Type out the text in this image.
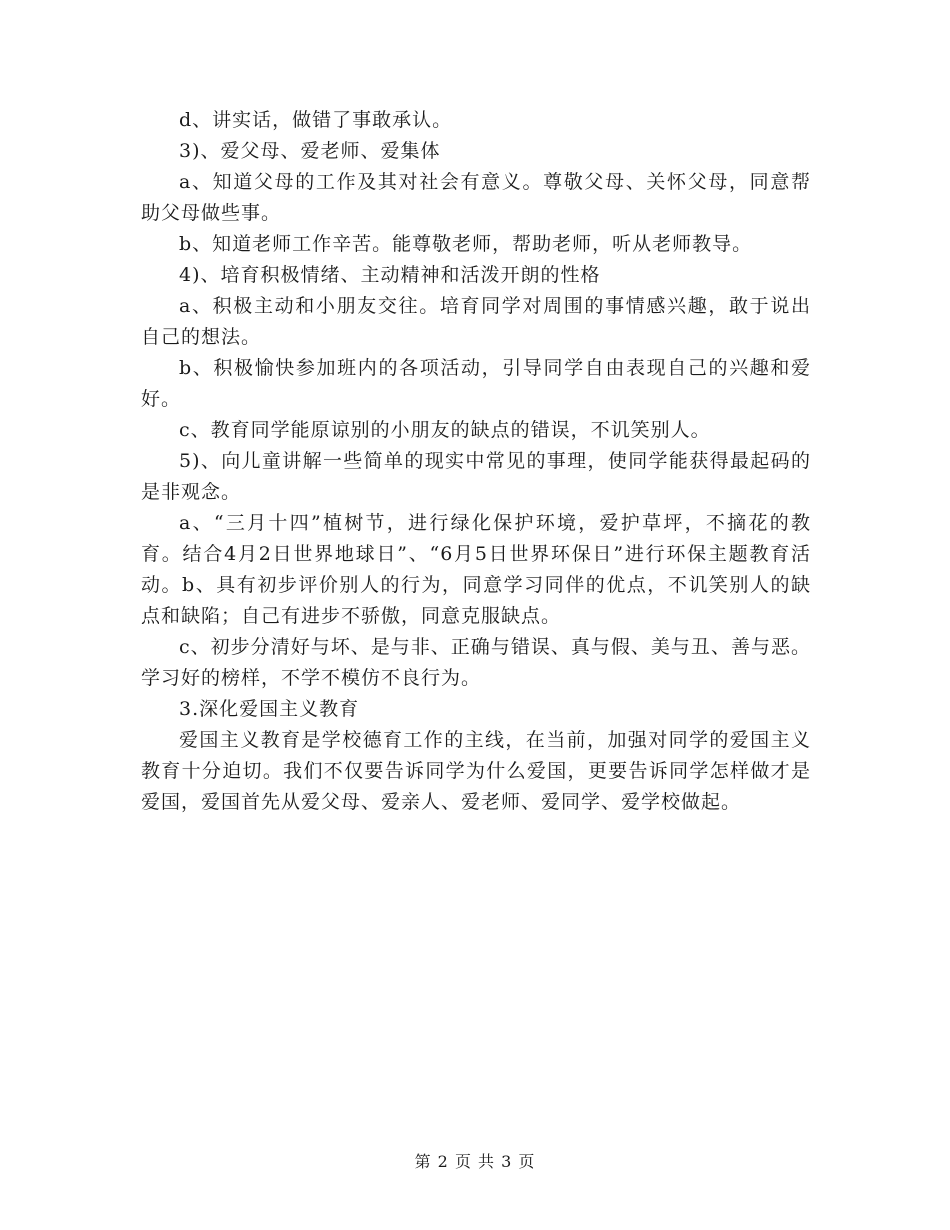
d、讲实话，做错了事敢承认。

3)、爱父母、爱老师、爱集体

a、知道父母的工作及其对社会有意义。尊敬父母、关怀父母，同意帮助父母做些事。

b、知道老师工作辛苦。能尊敬老师，帮助老师，听从老师教导。

4)、培育积极情绪、主动精神和活泼开朗的性格

a、积极主动和小朋友交往。培育同学对周围的事情感兴趣，敢于说出自己的想法。

b、积极愉快参加班内的各项活动，引导同学自由表现自己的兴趣和爱好。

c、教育同学能原谅别的小朋友的缺点的错误，不讥笑别人。

5)、向儿童讲解一些简单的现实中常见的事理，使同学能获得最起码的是非观念。

a、“三月十四”植树节，进行绿化保护环境，爱护草坪，不摘花的教育。结合4月2日世界地球日”、“6月5日世界环保日”进行环保主题教育活动。b、具有初步评价别人的行为，同意学习同伴的优点，不讥笑别人的缺点和缺陷；自己有进步不骄傲，同意克服缺点。

c、初步分清好与坏、是与非、正确与错误、真与假、美与丑、善与恶。学习好的榜样，不学不模仿不良行为。

3.深化爱国主义教育

爱国主义教育是学校德育工作的主线，在当前，加强对同学的爱国主义教育十分迫切。我们不仅要告诉同学为什么爱国，更要告诉同学怎样做才是爱国，爱国首先从爱父母、爱亲人、爱老师、爱同学、爱学校做起。

第 2 页 共 3 页
